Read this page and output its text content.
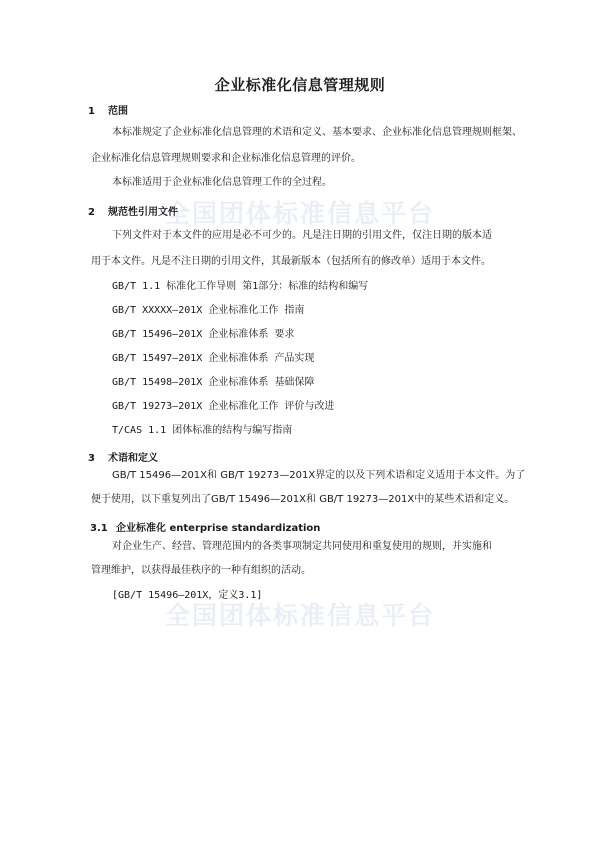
全国团体标准信息平台
全国团体标准信息平台
企业标准化信息管理规则
1 范围
本标准规定了企业标准化信息管理的术语和定义、基本要求、企业标准化信息管理规则框架、
企业标准化信息管理规则要求和企业标准化信息管理的评价。
本标准适用于企业标准化信息管理工作的全过程。
2 规范性引用文件
下列文件对于本文件的应用是必不可少的。凡是注日期的引用文件，仅注日期的版本适
用于本文件。凡是不注日期的引用文件，其最新版本（包括所有的修改单）适用于本文件。
GB/T 1.1 标准化工作导则 第1部分：标准的结构和编写
GB/T XXXXX—201X 企业标准化工作 指南
GB/T 15496—201X 企业标准体系 要求
GB/T 15497—201X 企业标准体系 产品实现
GB/T 15498—201X 企业标准体系 基础保障
GB/T 19273—201X 企业标准化工作 评价与改进
T/CAS 1.1 团体标准的结构与编写指南
3 术语和定义
GB/T 15496—201X和 GB/T 19273—201X界定的以及下列术语和定义适用于本文件。为了
便于使用，以下重复列出了GB/T 15496—201X和 GB/T 19273—201X中的某些术语和定义。
3.1 企业标准化 enterprise standardization
对企业生产、经营、管理范围内的各类事项制定共同使用和重复使用的规则，并实施和
管理维护，以获得最佳秩序的一种有组织的活动。
[GB/T 15496—201X，定义3.1]
